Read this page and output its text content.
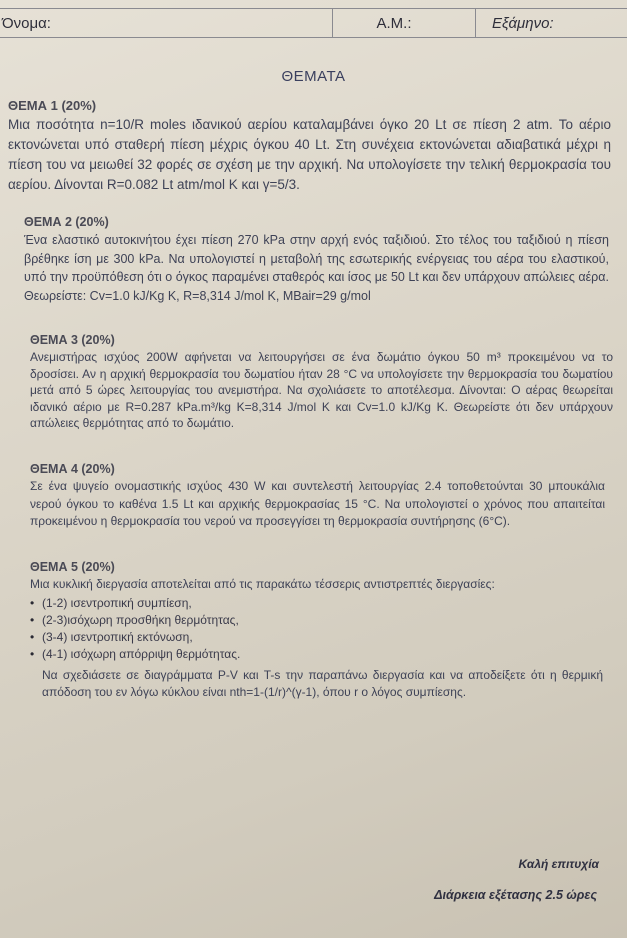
Όνομα:	Α.Μ.:	Εξάμηνο:
ΘΕΜΑΤΑ
ΘΕΜΑ 1 (20%)
Μια ποσότητα n=10/R moles ιδανικού αερίου καταλαμβάνει όγκο 20 Lt σε πίεση 2 atm. Το αέριο εκτονώνεται υπό σταθερή πίεση μέχρις όγκου 40 Lt. Στη συνέχεια εκτονώνεται αδιαβατικά μέχρι η πίεση του να μειωθεί 32 φορές σε σχέση με την αρχική. Να υπολογίσετε την τελική θερμοκρασία του αερίου. Δίνονται R=0.082 Lt atm/mol K και γ=5/3.
ΘΕΜΑ 2 (20%)
Ένα ελαστικό αυτοκινήτου έχει πίεση 270 kPa στην αρχή ενός ταξιδιού. Στο τέλος του ταξιδιού η πίεση βρέθηκε ίση με 300 kPa. Να υπολογιστεί η μεταβολή της εσωτερικής ενέργειας του αέρα του ελαστικού, υπό την προϋπόθεση ότι ο όγκος παραμένει σταθερός και ίσος με 50 Lt και δεν υπάρχουν απώλειες αέρα. Θεωρείστε: Cv=1.0 kJ/Kg K, R=8,314 J/mol K, MBair=29 g/mol
ΘΕΜΑ 3 (20%)
Ανεμιστήρας ισχύος 200W αφήνεται να λειτουργήσει σε ένα δωμάτιο όγκου 50 m³ προκειμένου να το δροσίσει. Αν η αρχική θερμοκρασία του δωματίου ήταν 28 °C να υπολογίσετε την θερμοκρασία του δωματίου μετά από 5 ώρες λειτουργίας του ανεμιστήρα. Να σχολιάσετε το αποτέλεσμα. Δίνονται: Ο αέρας θεωρείται ιδανικό αέριο με R=0.287 kPa.m³/kg K=8,314 J/mol K και Cv=1.0 kJ/Kg K. Θεωρείστε ότι δεν υπάρχουν απώλειες θερμότητας από το δωμάτιο.
ΘΕΜΑ 4 (20%)
Σε ένα ψυγείο ονομαστικής ισχύος 430 W και συντελεστή λειτουργίας 2.4 τοποθετούνται 30 μπουκάλια νερού όγκου το καθένα 1.5 Lt και αρχικής θερμοκρασίας 15 °C. Να υπολογιστεί ο χρόνος που απαιτείται προκειμένου η θερμοκρασία του νερού να προσεγγίσει τη θερμοκρασία συντήρησης (6°C).
ΘΕΜΑ 5 (20%)
Μια κυκλική διεργασία αποτελείται από τις παρακάτω τέσσερις αντιστρεπτές διεργασίες:
• (1-2) ισεντροπική συμπίεση,
• (2-3)ισόχωρη προσθήκη θερμότητας,
• (3-4) ισεντροπική εκτόνωση,
• (4-1) ισόχωρη απόρριψη θερμότητας.
Να σχεδιάσετε σε διαγράμματα P-V και T-s την παραπάνω διεργασία και να αποδείξετε ότι η θερμική απόδοση του εν λόγω κύκλου είναι nth=1-(1/r)^(γ-1), όπου r ο λόγος συμπίεσης.
Καλή επιτυχία
Διάρκεια εξέτασης 2.5 ώρες
